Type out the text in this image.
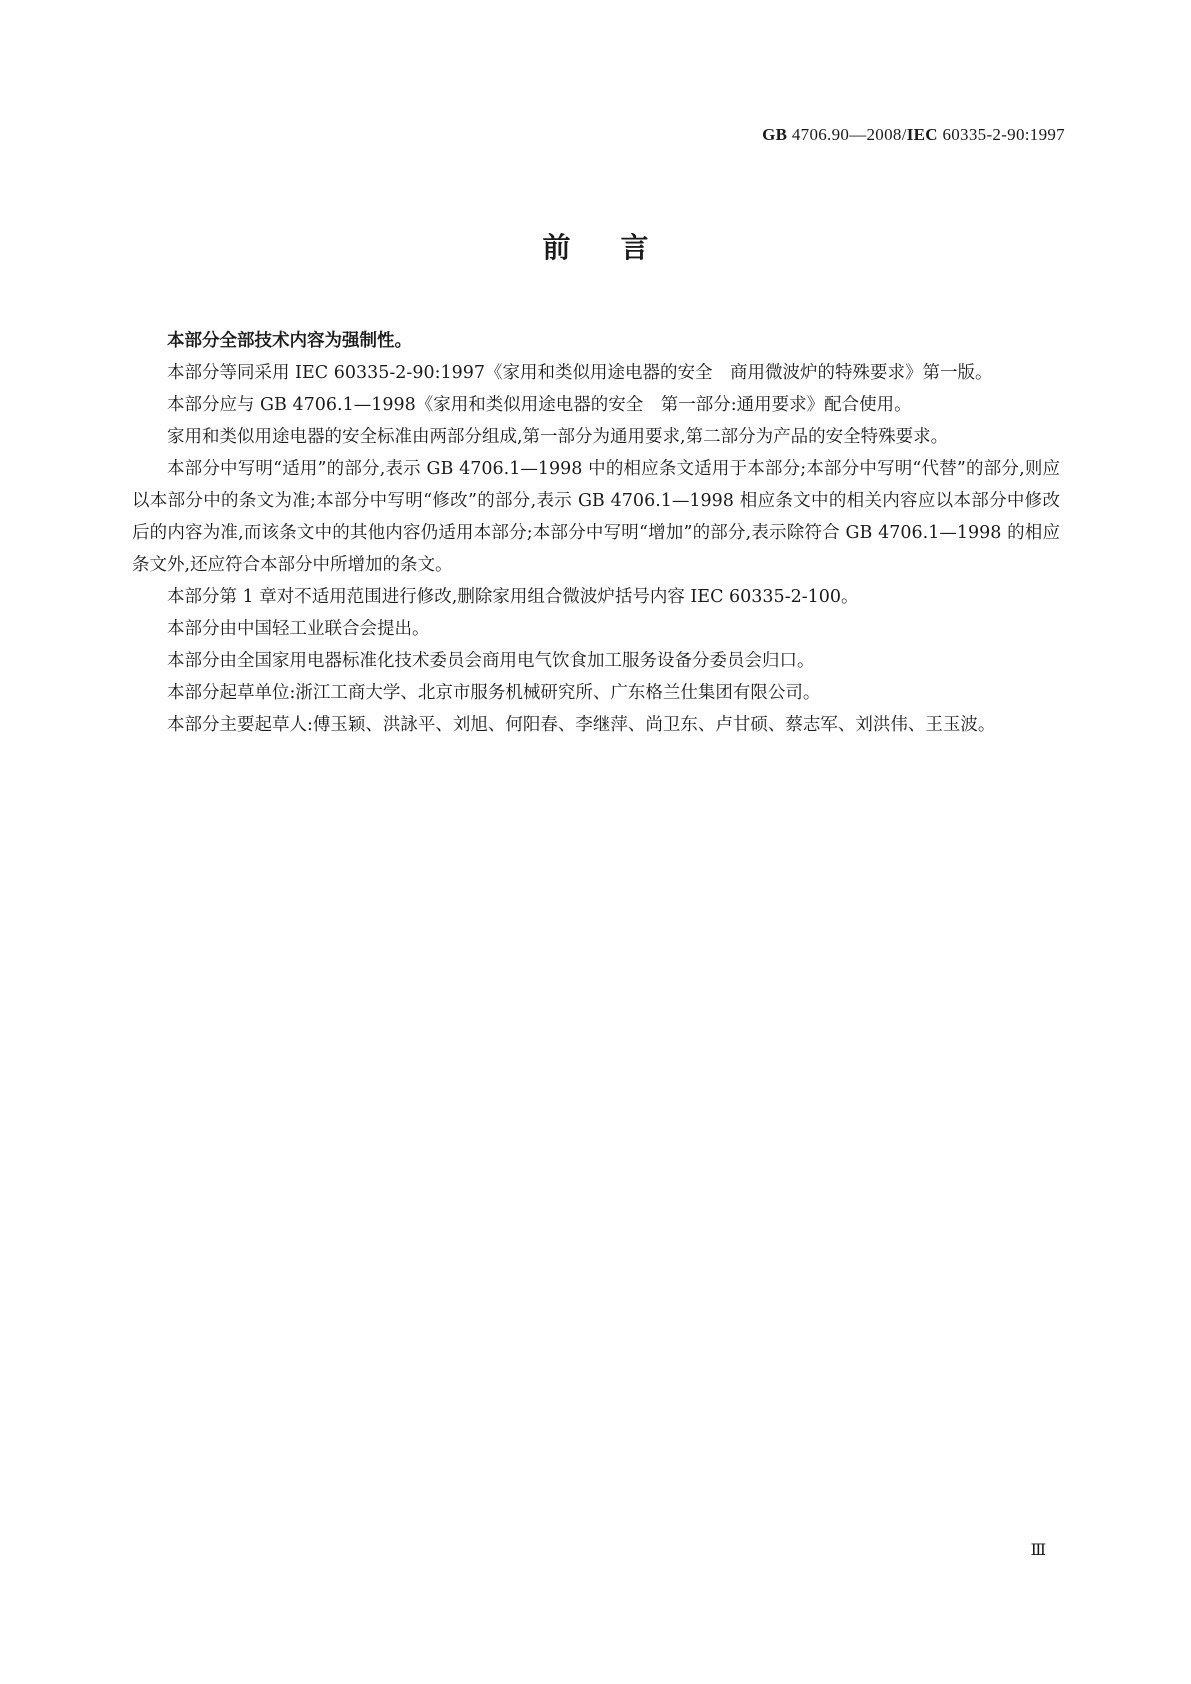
GB 4706.90—2008/IEC 60335-2-90:1997
前言

本部分全部技术内容为强制性。

本部分等同采用 IEC 60335-2-90:1997《家用和类似用途电器的安全　商用微波炉的特殊要求》第一版。

本部分应与 GB 4706.1—1998《家用和类似用途电器的安全　第一部分:通用要求》配合使用。

家用和类似用途电器的安全标准由两部分组成,第一部分为通用要求,第二部分为产品的安全特殊要求。

本部分中写明“适用”的部分,表示 GB 4706.1—1998 中的相应条文适用于本部分;本部分中写明“代替”的部分,则应以本部分中的条文为准;本部分中写明“修改”的部分,表示 GB 4706.1—1998 相应条文中的相关内容应以本部分中修改后的内容为准,而该条文中的其他内容仍适用本部分;本部分中写明“增加”的部分,表示除符合 GB 4706.1—1998 的相应条文外,还应符合本部分中所增加的条文。

本部分第 1 章对不适用范围进行修改,删除家用组合微波炉括号内容 IEC 60335-2-100。

本部分由中国轻工业联合会提出。

本部分由全国家用电器标准化技术委员会商用电气饮食加工服务设备分委员会归口。

本部分起草单位:浙江工商大学、北京市服务机械研究所、广东格兰仕集团有限公司。

本部分主要起草人:傅玉颖、洪詠平、刘旭、何阳春、李继萍、尚卫东、卢甘硕、蔡志军、刘洪伟、王玉波。

Ⅲ
